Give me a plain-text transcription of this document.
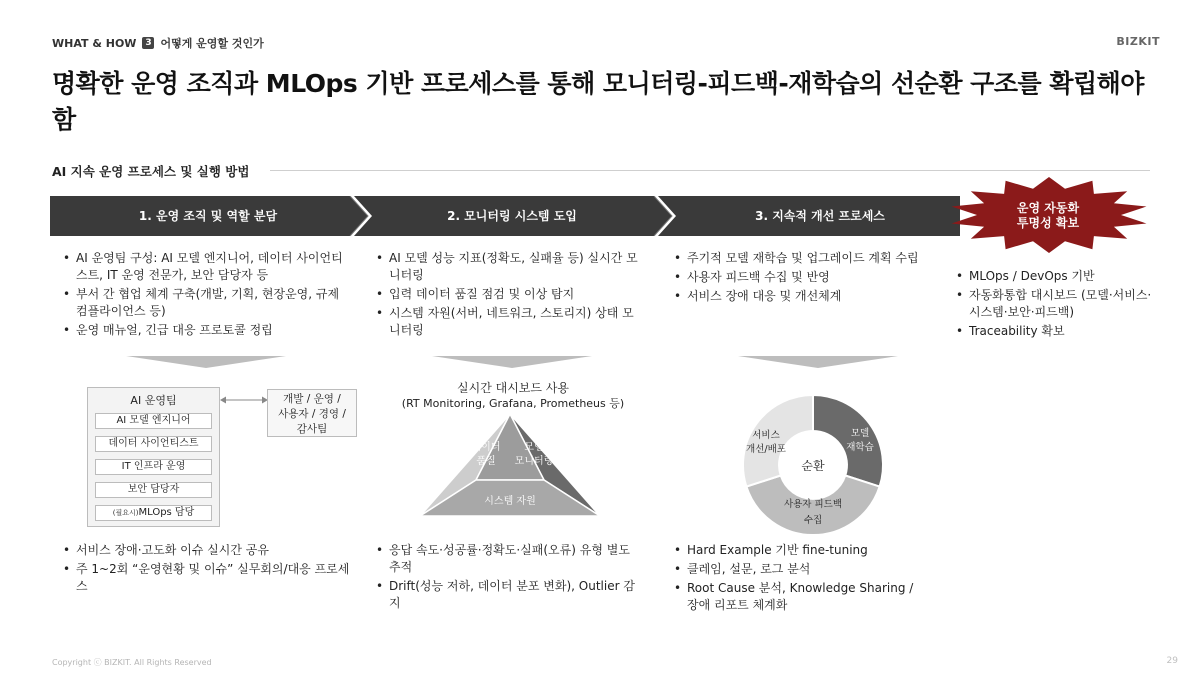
WHAT & HOW 3 어떻게 운영할 것인가	BIZKIT
명확한 운영 조직과 MLOps 기반 프로세스를 통해 모니터링-피드백-재학습의 선순환 구조를 확립해야 함
AI 지속 운영 프로세스 및 실행 방법
1. 운영 조직 및 역할 분담	2. 모니터링 시스템 도입	3. 지속적 개선 프로세스
운영 자동화
투명성 확보
• AI 운영팀 구성: AI 모델 엔지니어, 데이터 사이언티스트, IT 운영 전문가, 보안 담당자 등
• 부서 간 협업 체계 구축(개발, 기획, 현장운영, 규제 컴플라이언스 등)
• 운영 매뉴얼, 긴급 대응 프로토콜 정립
• AI 모델 성능 지표(정확도, 실패율 등) 실시간 모니터링
• 입력 데이터 품질 점검 및 이상 탐지
• 시스템 자원(서버, 네트워크, 스토리지) 상태 모니터링
• 주기적 모델 재학습 및 업그레이드 계획 수립
• 사용자 피드백 수집 및 반영
• 서비스 장애 대응 및 개선체계
• MLOps / DevOps 기반
• 자동화통합 대시보드 (모델·서비스·시스템·보안·피드백)
• Traceability 확보
AI 운영팀
AI 모델 엔지니어
데이터 사이언티스트
IT 인프라 운영
보안 담당자
(필요시)MLOps 담당
개발 / 운영 /
사용자 / 경영 /
감사팀
실시간 대시보드 사용
(RT Monitoring, Grafana, Prometheus 등)
데이터
품질
모델
모니터링
시스템 자원
순환
서비스
개선/배포
모델
재학습
사용자 피드백
수집
• 서비스 장애·고도화 이슈 실시간 공유
• 주 1~2회 “운영현황 및 이슈” 실무회의/대응 프로세스
• 응답 속도·성공률·정확도·실패(오류) 유형 별도 추적
• Drift(성능 저하, 데이터 분포 변화), Outlier 감지
• Hard Example 기반 fine-tuning
• 클레임, 설문, 로그 분석
• Root Cause 분석, Knowledge Sharing / 장애 리포트 체계화
Copyright ⓒ BIZKIT. All Rights Reserved	29
